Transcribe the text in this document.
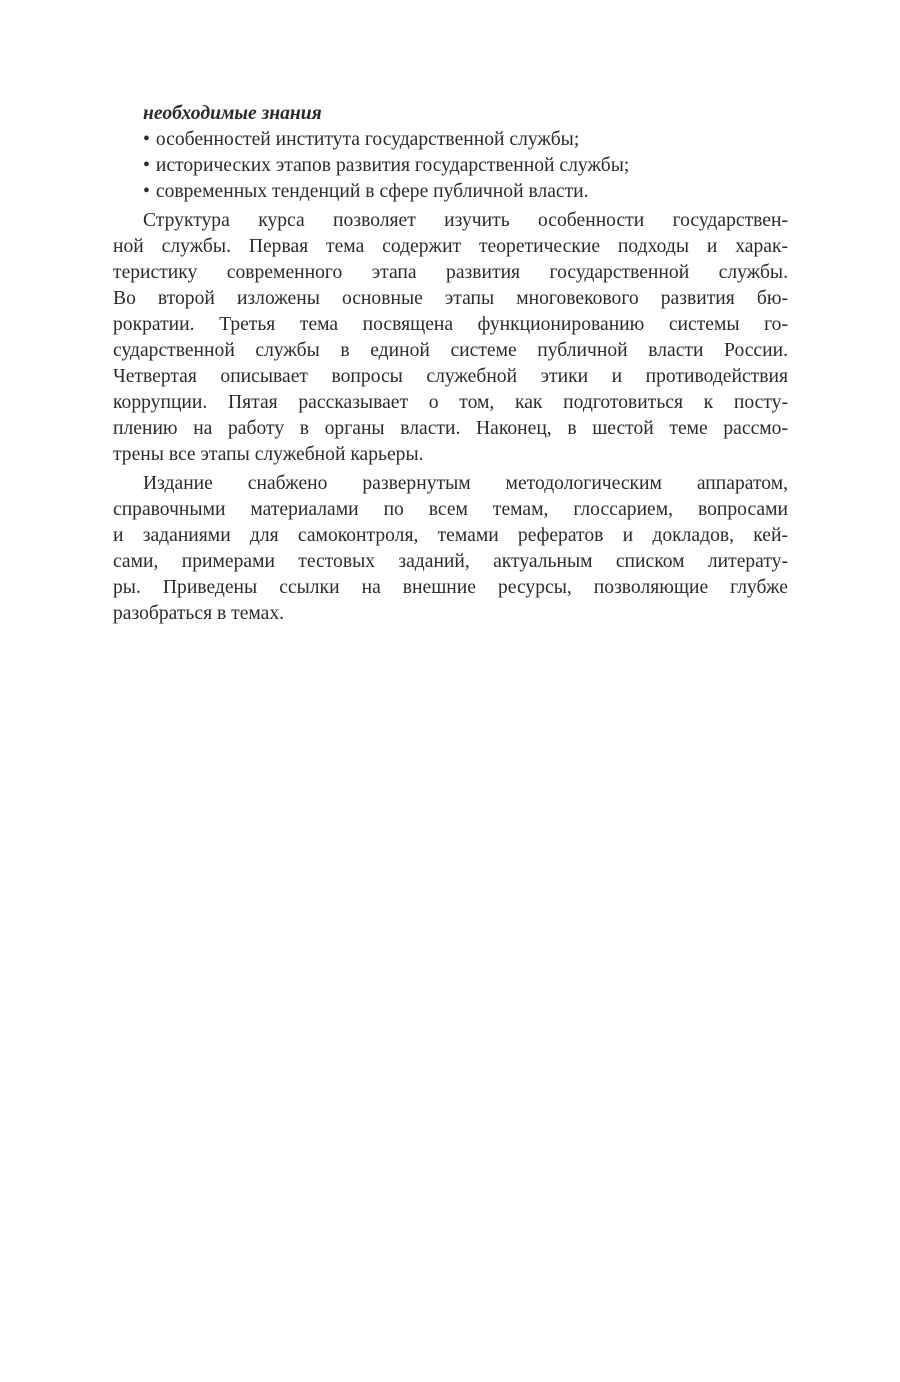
необходимые знания
• особенностей института государственной службы;
• исторических этапов развития государственной службы;
• современных тенденций в сфере публичной власти.
Структура курса позволяет изучить особенности государствен-
ной службы. Первая тема содержит теоретические подходы и харак-
теристику современного этапа развития государственной службы.
Во второй изложены основные этапы многовекового развития бю-
рократии. Третья тема посвящена функционированию системы го-
сударственной службы в единой системе публичной власти России.
Четвертая описывает вопросы служебной этики и противодействия
коррупции. Пятая рассказывает о том, как подготовиться к посту-
плению на работу в органы власти. Наконец, в шестой теме рассмо-
трены все этапы служебной карьеры.
Издание снабжено развернутым методологическим аппаратом,
справочными материалами по всем темам, глоссарием, вопросами
и заданиями для самоконтроля, темами рефератов и докладов, кей-
сами, примерами тестовых заданий, актуальным списком литерату-
ры. Приведены ссылки на внешние ресурсы, позволяющие глубже
разобраться в темах.
